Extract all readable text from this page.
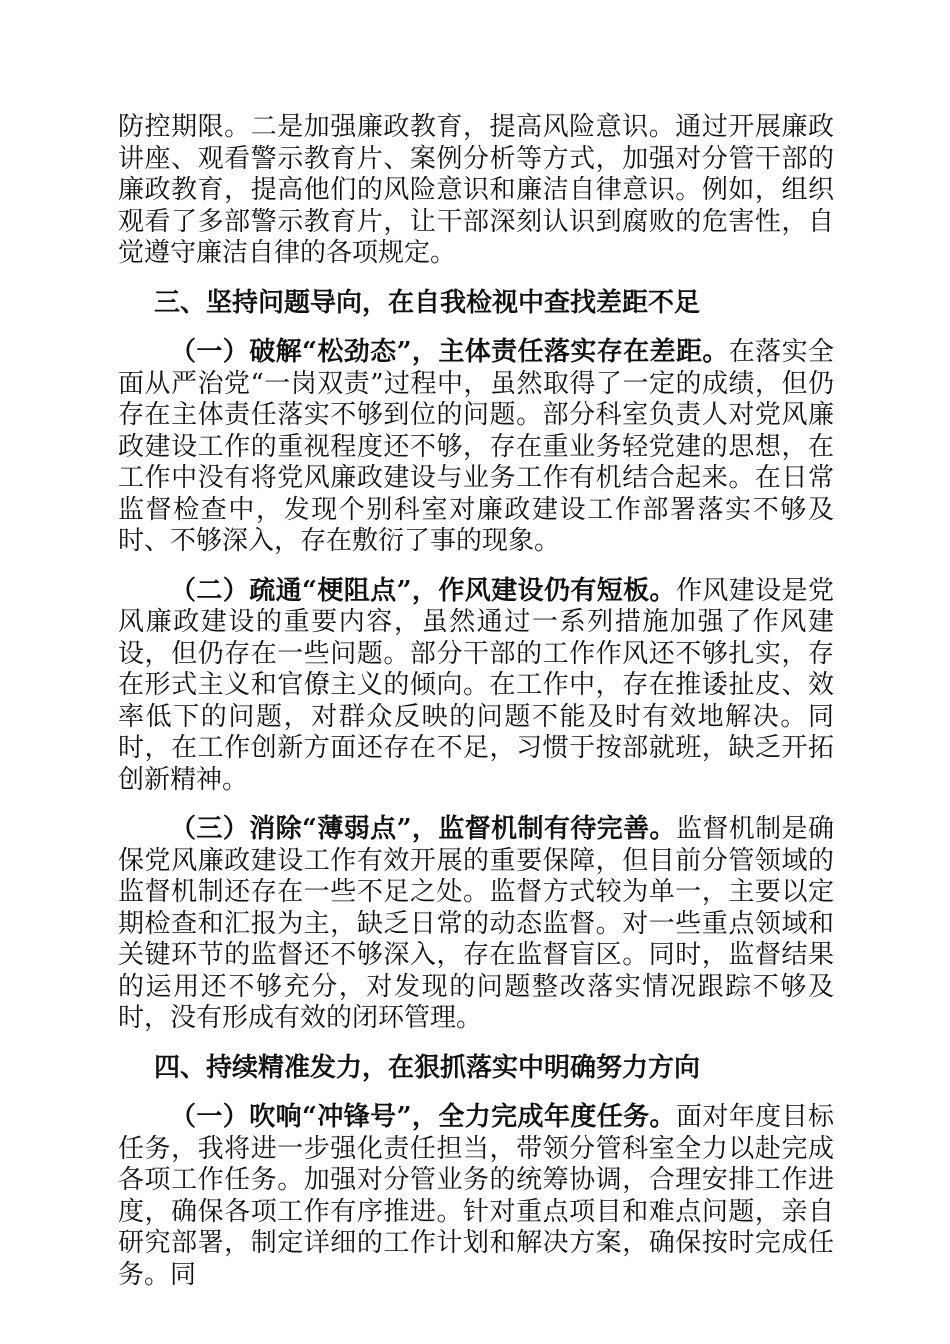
防控期限。二是加强廉政教育，提高风险意识。通过开展廉政讲座、观看警示教育片、案例分析等方式，加强对分管干部的廉政教育，提高他们的风险意识和廉洁自律意识。例如，组织观看了多部警示教育片，让干部深刻认识到腐败的危害性，自觉遵守廉洁自律的各项规定。

三、坚持问题导向，在自我检视中查找差距不足

（一）破解“松劲态”，主体责任落实存在差距。在落实全面从严治党“一岗双责”过程中，虽然取得了一定的成绩，但仍存在主体责任落实不够到位的问题。部分科室负责人对党风廉政建设工作的重视程度还不够，存在重业务轻党建的思想，在工作中没有将党风廉政建设与业务工作有机结合起来。在日常监督检查中，发现个别科室对廉政建设工作部署落实不够及时、不够深入，存在敷衍了事的现象。

（二）疏通“梗阻点”，作风建设仍有短板。作风建设是党风廉政建设的重要内容，虽然通过一系列措施加强了作风建设，但仍存在一些问题。部分干部的工作作风还不够扎实，存在形式主义和官僚主义的倾向。在工作中，存在推诿扯皮、效率低下的问题，对群众反映的问题不能及时有效地解决。同时，在工作创新方面还存在不足，习惯于按部就班，缺乏开拓创新精神。

（三）消除“薄弱点”，监督机制有待完善。监督机制是确保党风廉政建设工作有效开展的重要保障，但目前分管领域的监督机制还存在一些不足之处。监督方式较为单一，主要以定期检查和汇报为主，缺乏日常的动态监督。对一些重点领域和关键环节的监督还不够深入，存在监督盲区。同时，监督结果的运用还不够充分，对发现的问题整改落实情况跟踪不够及时，没有形成有效的闭环管理。

四、持续精准发力，在狠抓落实中明确努力方向

（一）吹响“冲锋号”，全力完成年度任务。面对年度目标任务，我将进一步强化责任担当，带领分管科室全力以赴完成各项工作任务。加强对分管业务的统筹协调，合理安排工作进度，确保各项工作有序推进。针对重点项目和难点问题，亲自研究部署，制定详细的工作计划和解决方案，确保按时完成任务。同
